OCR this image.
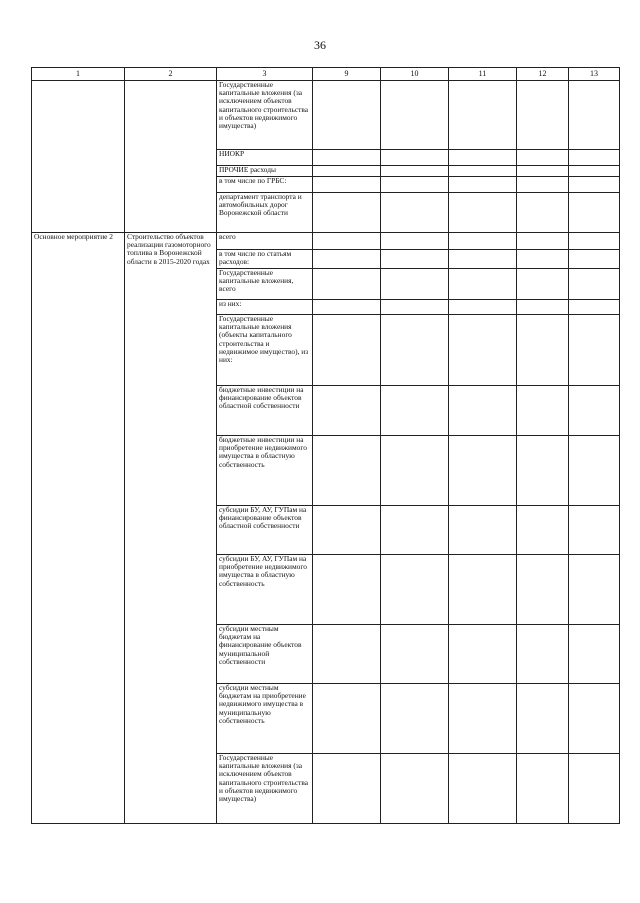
36
1	2	3	9	10	11	12	13
		Государственные капитальные вложения (за исключением объектов капитального строительства и объектов недвижимого имущества)					
		НИОКР					
		ПРОЧИЕ расходы					
		в том числе по ГРБС:					
		департамент транспорта и автомобильных дорог Воронежской области					
Основное мероприятие 2	Строительство объектов реализации газомоторного топлива в Воронежской области в 2015-2020 годах	всего					
		в том числе по статьям расходов:					
		Государственные капитальные вложения, всего					
		из них:					
		Государственные капитальные вложения (объекты капитального строительства и недвижимое имущество), из них:					
		бюджетные инвестиции на финансирование объектов областной собственности					
		бюджетные инвестиции на приобретение недвижимого имущества в областную собственность					
		субсидии БУ, АУ, ГУПам на финансирование объектов областной собственности					
		субсидии БУ, АУ, ГУПам на приобретение недвижимого имущества в областную собственность					
		субсидии местным бюджетам на финансирование объектов муниципальной собственности					
		субсидии местным бюджетам на приобретение недвижимого имущества в муниципальную собственность					
		Государственные капитальные вложения (за исключением объектов капитального строительства и объектов недвижимого имущества)					
